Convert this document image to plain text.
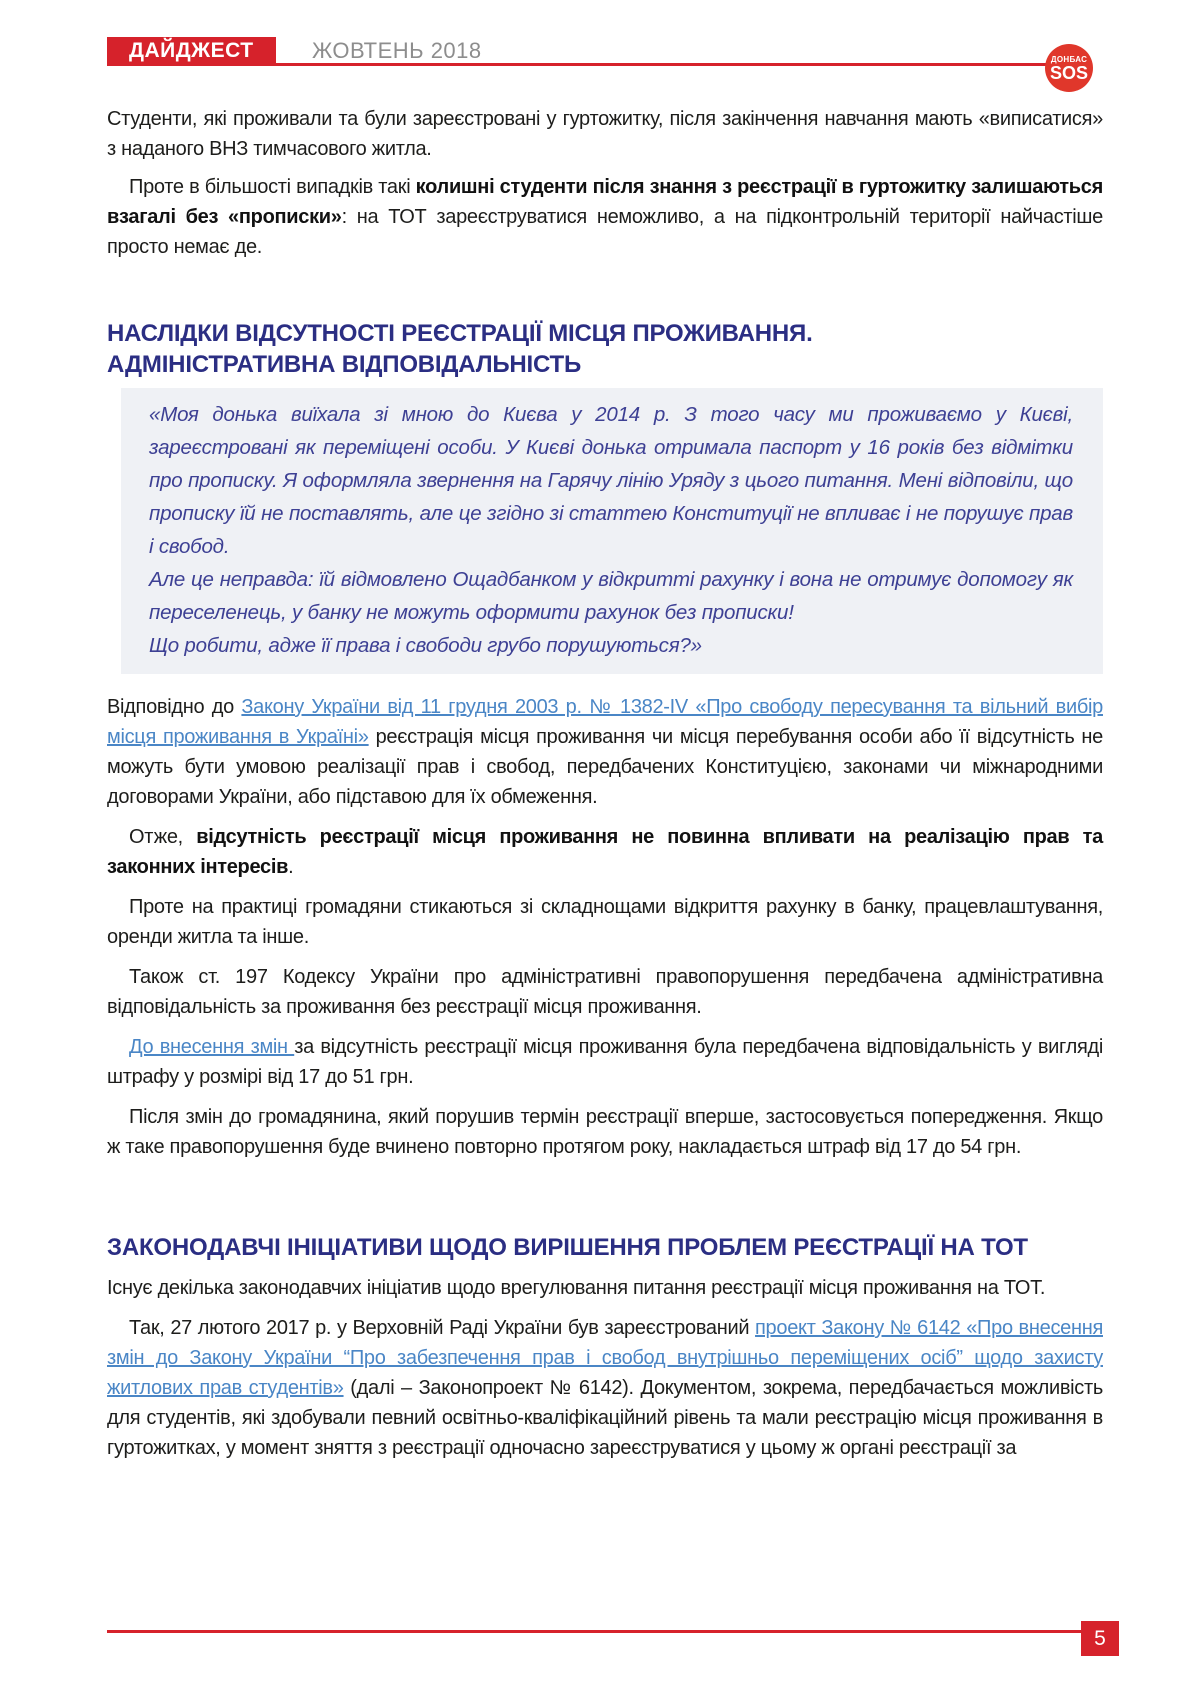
ДАЙДЖЕСТ	ЖОВТЕНЬ 2018	ДОНБАС
SOS

Студенти, які проживали та були зареєстровані у гуртожитку, після закінчення навчання мають «виписатися» з наданого ВНЗ тимчасового житла.

Проте в більшості випадків такі колишні студенти після знання з реєстрації в гуртожитку залишаються взагалі без «прописки»: на ТОТ зареєструватися неможливо, а на підконтрольній території найчастіше просто немає де.

НАСЛІДКИ ВІДСУТНОСТІ РЕЄСТРАЦІЇ МІСЦЯ ПРОЖИВАННЯ.
АДМІНІСТРАТИВНА ВІДПОВІДАЛЬНІСТЬ

«Моя донька виїхала зі мною до Києва у 2014 р. З того часу ми проживаємо у Києві, зареєстровані як переміщені особи. У Києві донька отримала паспорт у 16 років без відмітки про прописку. Я оформляла звернення на Гарячу лінію Уряду з цього питання. Мені відповіли, що прописку їй не поставлять, але це згідно зі статтею Конституції не впливає і не порушує прав і свобод.

Але це неправда: їй відмовлено Ощадбанком у відкритті рахунку і вона не отримує допомогу як переселенець, у банку не можуть оформити рахунок без прописки!

Що робити, адже її права і свободи грубо порушуються?»

Відповідно до Закону України від 11 грудня 2003 р. № 1382-IV «Про свободу пересування та вільний вибір місця проживання в Україні» реєстрація місця проживання чи місця перебування особи або її відсутність не можуть бути умовою реалізації прав і свобод, передбачених Конституцією, законами чи міжнародними договорами України, або підставою для їх обмеження.

Отже, відсутність реєстрації місця проживання не повинна впливати на реалізацію прав та законних інтересів.

Проте на практиці громадяни стикаються зі складнощами відкриття рахунку в банку, працевлаштування, оренди житла та інше.

Також ст. 197 Кодексу України про адміністративні правопорушення передбачена адміністративна відповідальність за проживання без реєстрації місця проживання.

До внесення змін за відсутність реєстрації місця проживання була передбачена відповідальність у вигляді штрафу у розмірі від 17 до 51 грн.

Після змін до громадянина, який порушив термін реєстрації вперше, застосовується попередження. Якщо ж таке правопорушення буде вчинено повторно протягом року, накладається штраф від 17 до 54 грн.

ЗАКОНОДАВЧІ ІНІЦІАТИВИ ЩОДО ВИРІШЕННЯ ПРОБЛЕМ РЕЄСТРАЦІЇ НА ТОТ

Існує декілька законодавчих ініціатив щодо врегулювання питання реєстрації місця проживання на ТОТ.

Так, 27 лютого 2017 р. у Верховній Раді України був зареєстрований проект Закону № 6142 «Про внесення змін до Закону України “Про забезпечення прав і свобод внутрішньо переміщених осіб” щодо захисту житлових прав студентів» (далі – Законопроект № 6142). Документом, зокрема, передбачається можливість для студентів, які здобували певний освітньо-кваліфікаційний рівень та мали реєстрацію місця проживання в гуртожитках, у момент зняття з реєстрації одночасно зареєструватися у цьому ж органі реєстрації за

5
